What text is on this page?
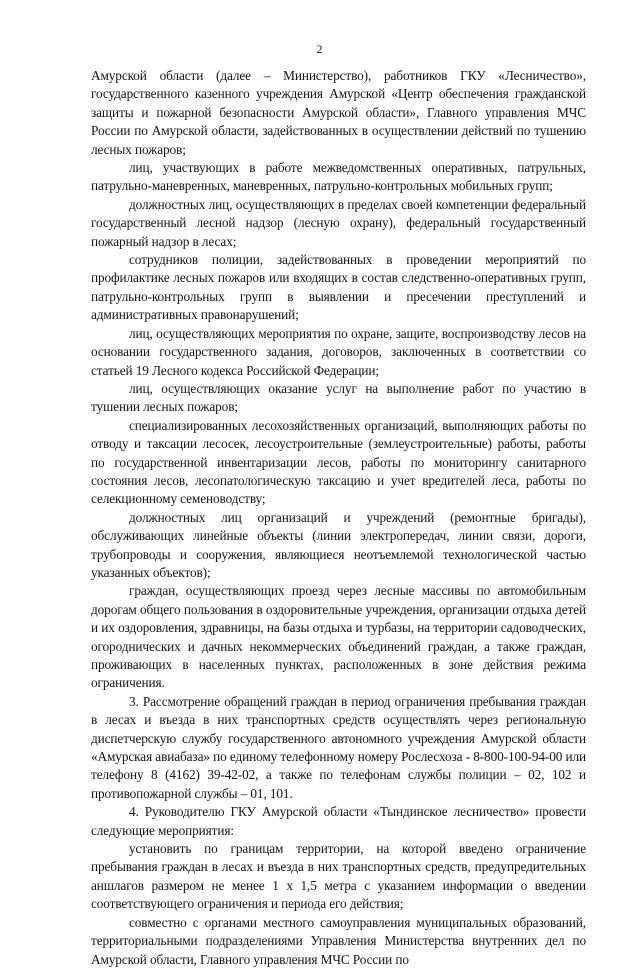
2

Амурской области (далее – Министерство), работников ГКУ «Лесничество», государственного казенного учреждения Амурской «Центр обеспечения гражданской защиты и пожарной безопасности Амурской области», Главного управления МЧС России по Амурской области, задействованных в осуществлении действий по тушению лесных пожаров;

лиц, участвующих в работе межведомственных оперативных, патрульных, патрульно-маневренных, маневренных, патрульно-контрольных мобильных групп;

должностных лиц, осуществляющих в пределах своей компетенции федеральный государственный лесной надзор (лесную охрану), федеральный государственный пожарный надзор в лесах;

сотрудников полиции, задействованных в проведении мероприятий по профилактике лесных пожаров или входящих в состав следственно-оперативных групп, патрульно-контрольных групп в выявлении и пресечении преступлений и административных правонарушений;

лиц, осуществляющих мероприятия по охране, защите, воспроизводству лесов на основании государственного задания, договоров, заключенных в соответствии со статьей 19 Лесного кодекса Российской Федерации;

лиц, осуществляющих оказание услуг на выполнение работ по участию в тушении лесных пожаров;

специализированных лесохозяйственных организаций, выполняющих работы по отводу и таксации лесосек, лесоустроительные (землеустроительные) работы, работы по государственной инвентаризации лесов, работы по мониторингу санитарного состояния лесов, лесопатологическую таксацию и учет вредителей леса, работы по селекционному семеноводству;

должностных лиц организаций и учреждений (ремонтные бригады), обслуживающих линейные объекты (линии электропередач, линии связи, дороги, трубопроводы и сооружения, являющиеся неотъемлемой технологической частью указанных объектов);

граждан, осуществляющих проезд через лесные массивы по автомобильным дорогам общего пользования в оздоровительные учреждения, организации отдыха детей и их оздоровления, здравницы, на базы отдыха и турбазы, на территории садоводческих, огороднических и дачных некоммерческих объединений граждан, а также граждан, проживающих в населенных пунктах, расположенных в зоне действия режима ограничения.

3. Рассмотрение обращений граждан в период ограничения пребывания граждан в лесах и въезда в них транспортных средств осуществлять через региональную диспетчерскую службу государственного автономного учреждения Амурской области «Амурская авиабаза» по единому телефонному номеру Рослесхоза - 8-800-100-94-00 или телефону 8 (4162) 39-42-02, а также по телефонам службы полиции – 02, 102 и противопожарной службы – 01, 101.

4. Руководителю ГКУ Амурской области «Тындинское лесничество» провести следующие мероприятия:

установить по границам территории, на которой введено ограничение пребывания граждан в лесах и въезда в них транспортных средств, предупредительных аншлагов размером не менее 1 х 1,5 метра с указанием информации о введении соответствующего ограничения и периода его действия;

совместно с органами местного самоуправления муниципальных образований, территориальными подразделениями Управления Министерства внутренних дел по Амурской области, Главного управления МЧС России по
